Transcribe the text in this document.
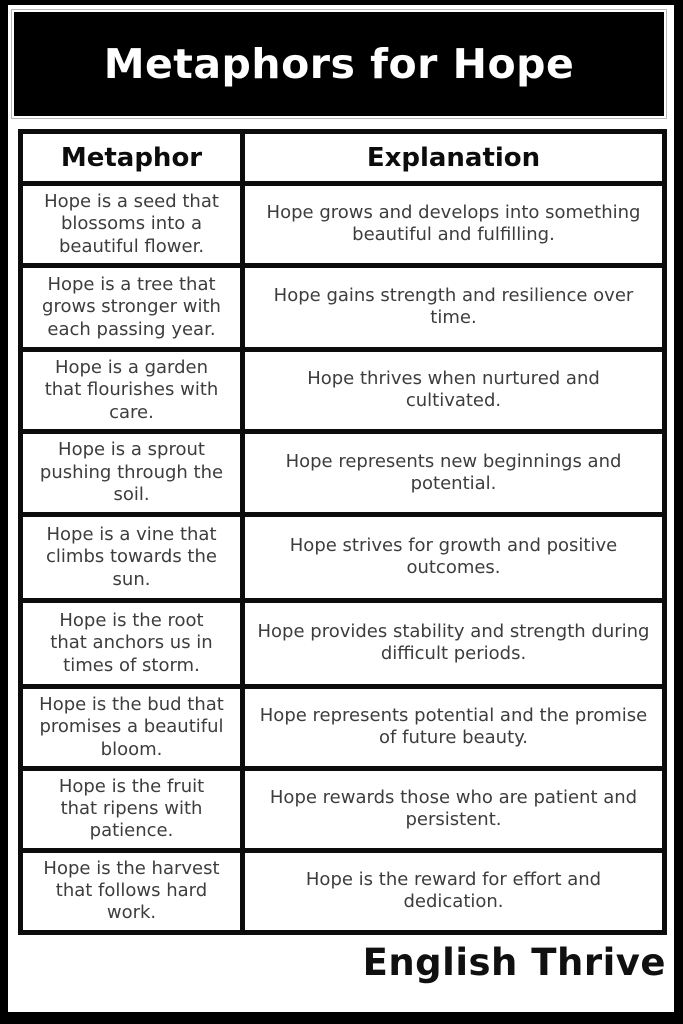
Metaphors for Hope
Metaphor	Explanation
Hope is a seed that blossoms into a beautiful flower.	Hope grows and develops into something beautiful and fulfilling.
Hope is a tree that grows stronger with each passing year.	Hope gains strength and resilience over time.
Hope is a garden that flourishes with care.	Hope thrives when nurtured and cultivated.
Hope is a sprout pushing through the soil.	Hope represents new beginnings and potential.
Hope is a vine that climbs towards the sun.	Hope strives for growth and positive outcomes.
Hope is the root that anchors us in times of storm.	Hope provides stability and strength during difficult periods.
Hope is the bud that promises a beautiful bloom.	Hope represents potential and the promise of future beauty.
Hope is the fruit that ripens with patience.	Hope rewards those who are patient and persistent.
Hope is the harvest that follows hard work.	Hope is the reward for effort and dedication.
English Thrive
